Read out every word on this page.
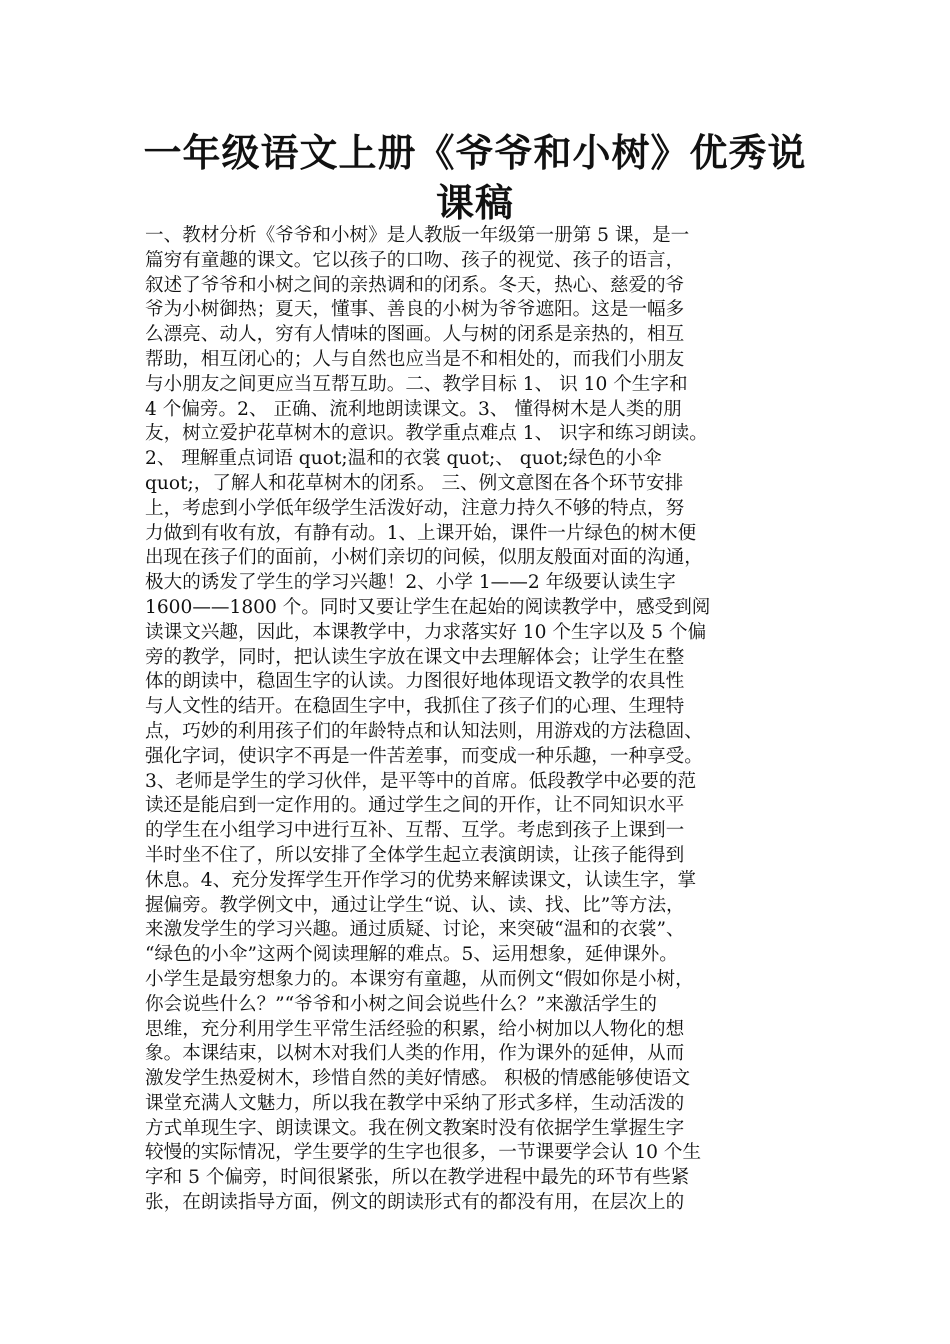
一年级语文上册《爷爷和小树》优秀说
课稿
一、教材分析《爷爷和小树》是人教版一年级第一册第 5 课，是一
篇穷有童趣的课文。它以孩子的口吻、孩子的视觉、孩子的语言，
叙述了爷爷和小树之间的亲热调和的闭系。冬天，热心、慈爱的爷
爷为小树御热；夏天，懂事、善良的小树为爷爷遮阳。这是一幅多
么漂亮、动人，穷有人情味的图画。人与树的闭系是亲热的，相互
帮助，相互闭心的；人与自然也应当是不和相处的，而我们小朋友
与小朋友之间更应当互帮互助。二、教学目标 1、 识 10 个生字和
4 个偏旁。2、 正确、流利地朗读课文。3、 懂得树木是人类的朋
友，树立爱护花草树木的意识。教学重点难点 1、 识字和练习朗读。
2、 理解重点词语 quot;温和的衣裳 quot;、 quot;绿色的小伞
quot;，了解人和花草树木的闭系。 三、例文意图在各个环节安排
上，考虑到小学低年级学生活泼好动，注意力持久不够的特点，努
力做到有收有放，有静有动。1、上课开始，课件一片绿色的树木便
出现在孩子们的面前，小树们亲切的问候，似朋友般面对面的沟通，
极大的诱发了学生的学习兴趣！2、小学 1——2 年级要认读生字
1600——1800 个。同时又要让学生在起始的阅读教学中，感受到阅
读课文兴趣，因此，本课教学中，力求落实好 10 个生字以及 5 个偏
旁的教学，同时，把认读生字放在课文中去理解体会；让学生在整
体的朗读中，稳固生字的认读。力图很好地体现语文教学的农具性
与人文性的结开。在稳固生字中，我抓住了孩子们的心理、生理特
点，巧妙的利用孩子们的年龄特点和认知法则，用游戏的方法稳固、
强化字词，使识字不再是一件苦差事，而变成一种乐趣，一种享受。
3、老师是学生的学习伙伴，是平等中的首席。低段教学中必要的范
读还是能启到一定作用的。通过学生之间的开作，让不同知识水平
的学生在小组学习中进行互补、互帮、互学。考虑到孩子上课到一
半时坐不住了，所以安排了全体学生起立表演朗读，让孩子能得到
休息。4、充分发挥学生开作学习的优势来解读课文，认读生字，掌
握偏旁。教学例文中，通过让学生“说、认、读、找、比”等方法，
来激发学生的学习兴趣。通过质疑、讨论，来突破“温和的衣裳”、
“绿色的小伞”这两个阅读理解的难点。5、运用想象，延伸课外。
小学生是最穷想象力的。本课穷有童趣，从而例文“假如你是小树，
你会说些什么？”“爷爷和小树之间会说些什么？”来激活学生的
思维，充分利用学生平常生活经验的积累，给小树加以人物化的想
象。本课结束，以树木对我们人类的作用，作为课外的延伸，从而
激发学生热爱树木，珍惜自然的美好情感。 积极的情感能够使语文
课堂充满人文魅力，所以我在教学中采纳了形式多样，生动活泼的
方式单现生字、朗读课文。我在例文教案时没有依据学生掌握生字
较慢的实际情况，学生要学的生字也很多，一节课要学会认 10 个生
字和 5 个偏旁，时间很紧张，所以在教学进程中最先的环节有些紧
张，在朗读指导方面，例文的朗读形式有的都没有用，在层次上的
